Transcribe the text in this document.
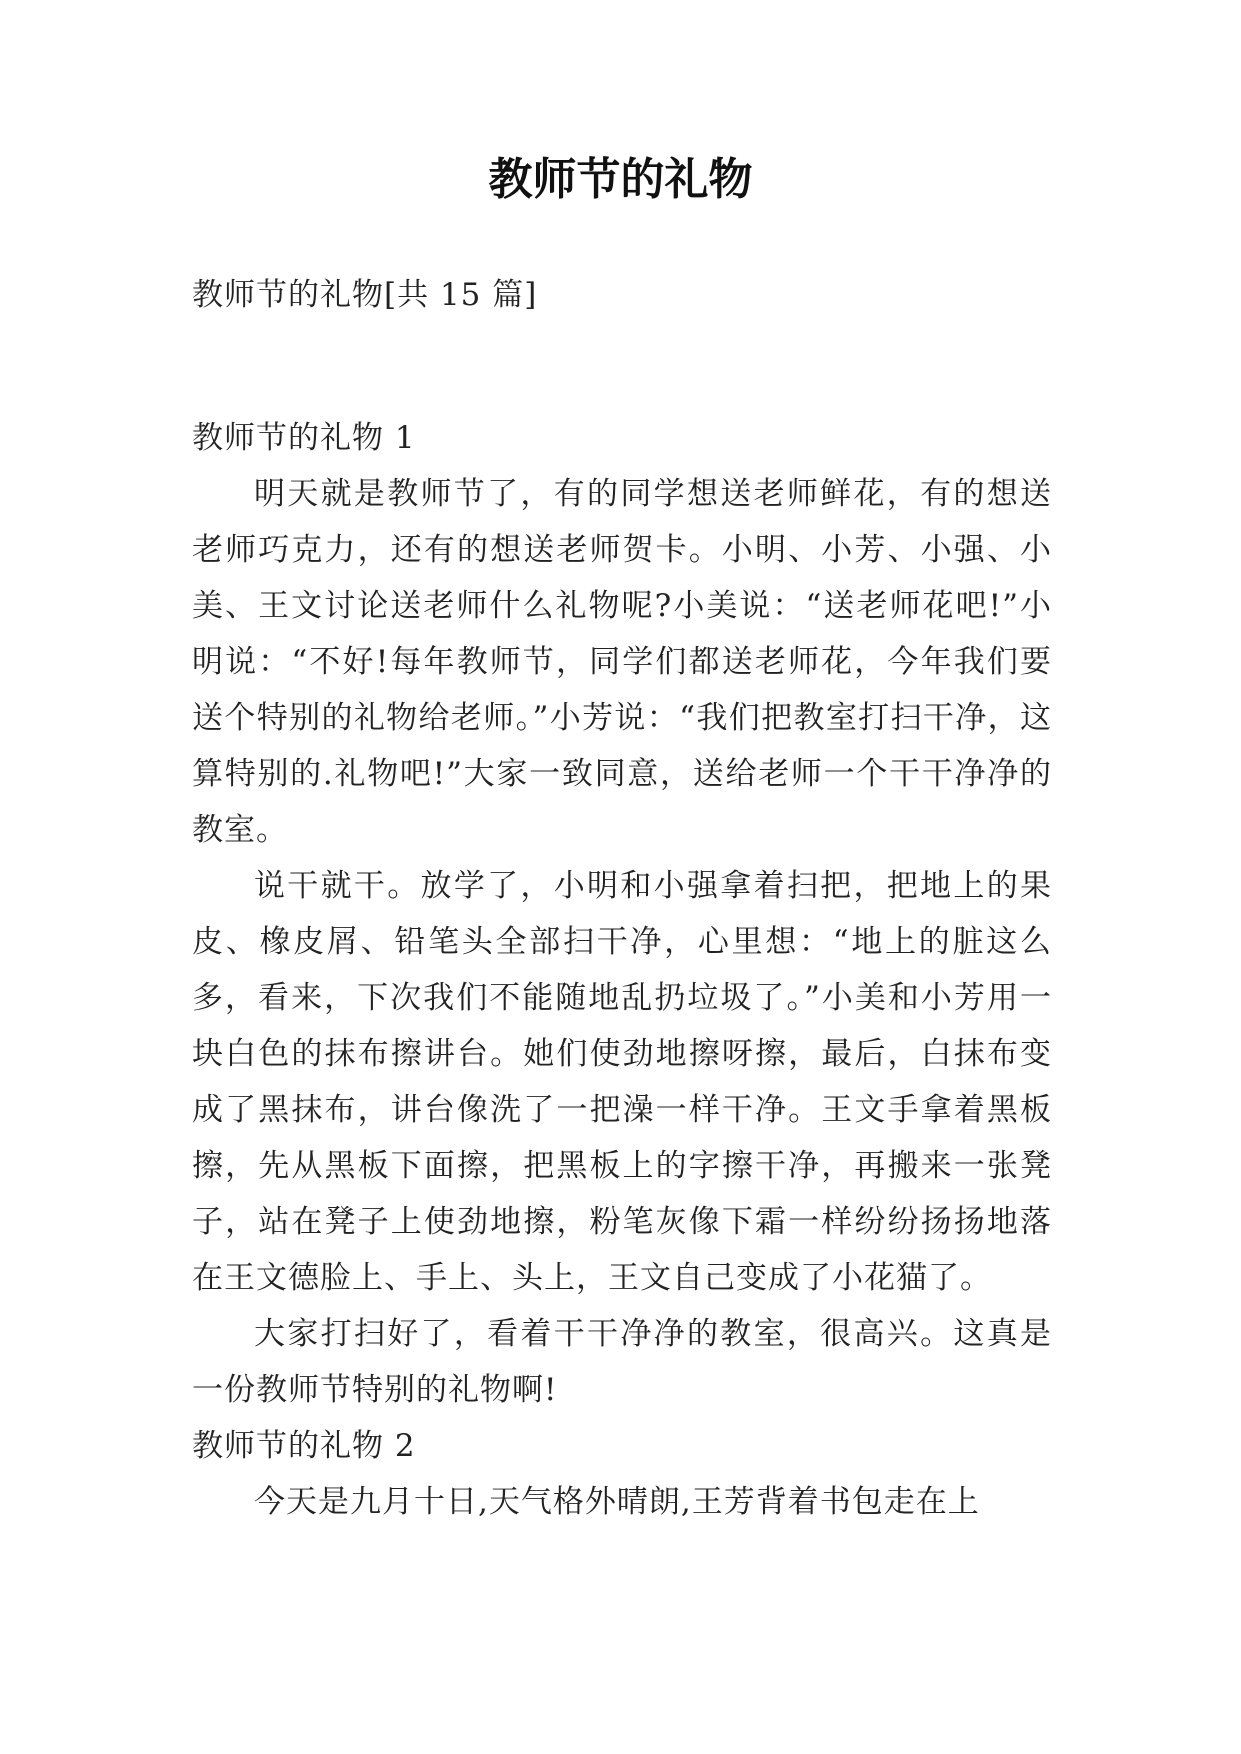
教师节的礼物
教师节的礼物[共 15 篇]

教师节的礼物 1

明天就是教师节了，有的同学想送老师鲜花，有的想送老师巧克力，还有的想送老师贺卡。小明、小芳、小强、小美、王文讨论送老师什么礼物呢?小美说：“送老师花吧!”小明说：“不好!每年教师节，同学们都送老师花，今年我们要送个特别的礼物给老师。”小芳说：“我们把教室打扫干净，这算特别的.礼物吧!”大家一致同意，送给老师一个干干净净的教室。

说干就干。放学了，小明和小强拿着扫把，把地上的果皮、橡皮屑、铅笔头全部扫干净，心里想：“地上的脏这么多，看来，下次我们不能随地乱扔垃圾了。”小美和小芳用一块白色的抹布擦讲台。她们使劲地擦呀擦，最后，白抹布变成了黑抹布，讲台像洗了一把澡一样干净。王文手拿着黑板擦，先从黑板下面擦，把黑板上的字擦干净，再搬来一张凳子，站在凳子上使劲地擦，粉笔灰像下霜一样纷纷扬扬地落在王文德脸上、手上、头上，王文自己变成了小花猫了。

大家打扫好了，看着干干净净的教室，很高兴。这真是一份教师节特别的礼物啊!

教师节的礼物 2

今天是九月十日,天气格外晴朗,王芳背着书包走在上
